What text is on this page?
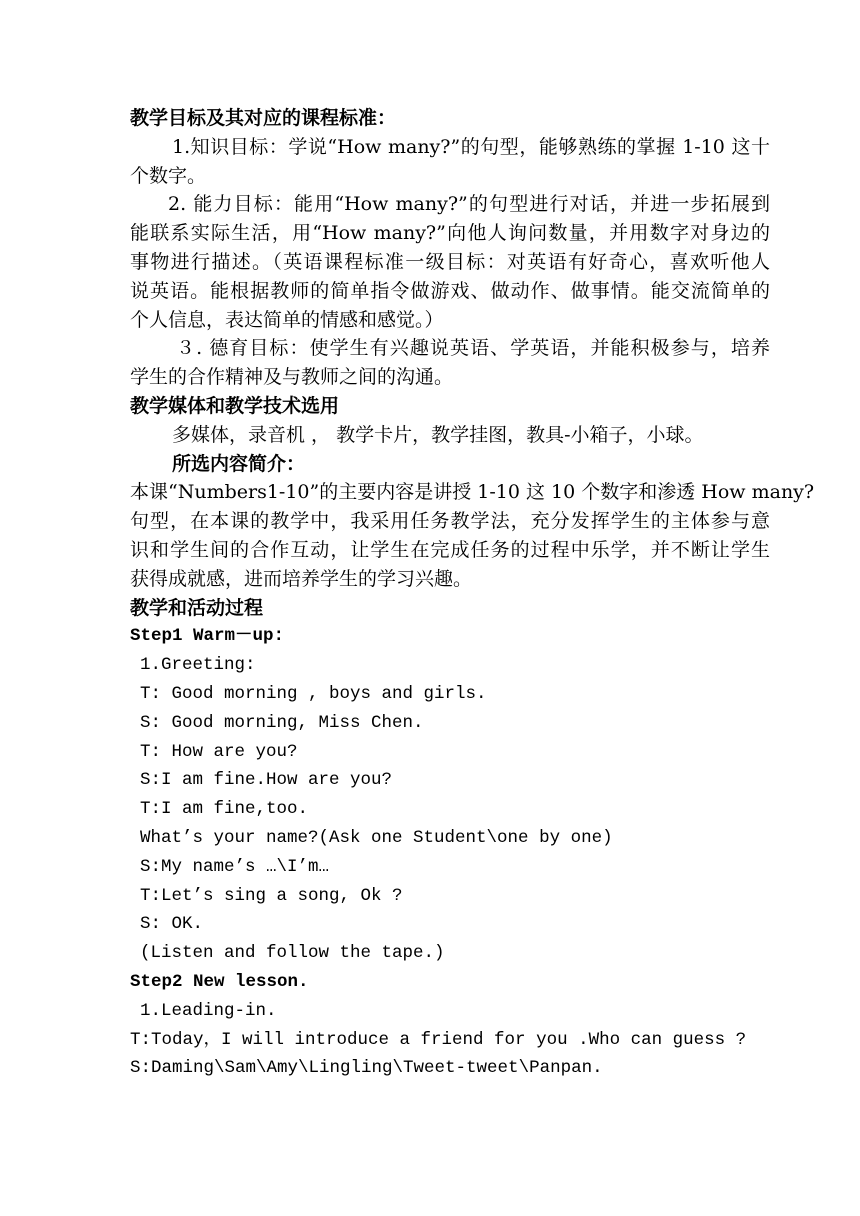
教学目标及其对应的课程标准：
1.知识目标：学说“How many?”的句型，能够熟练的掌握 1-10 这十
个数字。
2. 能力目标：能用“How many?”的句型进行对话，并进一步拓展到
能联系实际生活，用“How many?”向他人询问数量，并用数字对身边的
事物进行描述。（英语课程标准一级目标：对英语有好奇心，喜欢听他人
说英语。能根据教师的简单指令做游戏、做动作、做事情。能交流简单的
个人信息，表达简单的情感和感觉。）
３. 德育目标：使学生有兴趣说英语、学英语，并能积极参与，培养
学生的合作精神及与教师之间的沟通。
教学媒体和教学技术选用
多媒体，录音机 ， 教学卡片，教学挂图，教具-小箱子，小球。
所选内容简介：
本课“Numbers1-10”的主要内容是讲授 1-10 这 10 个数字和渗透 How many?
句型，在本课的教学中，我采用任务教学法，充分发挥学生的主体参与意
识和学生间的合作互动，让学生在完成任务的过程中乐学，并不断让学生
获得成就感，进而培养学生的学习兴趣。
教学和活动过程
Step1 Warm－up:
1.Greeting:
T: Good morning , boys and girls.
S: Good morning, Miss Chen.
T: How are you?
S:I am fine.How are you?
T:I am fine,too.
What’s your name?(Ask one Student\one by one)
S:My name’s …\I’m…
T:Let’s sing a song, Ok ?
S: OK.
(Listen and follow the tape.)
Step2 New lesson.
1.Leading-in.
T:Today，I will introduce a friend for you .Who can guess ?
S:Daming\Sam\Amy\Lingling\Tweet-tweet\Panpan.
